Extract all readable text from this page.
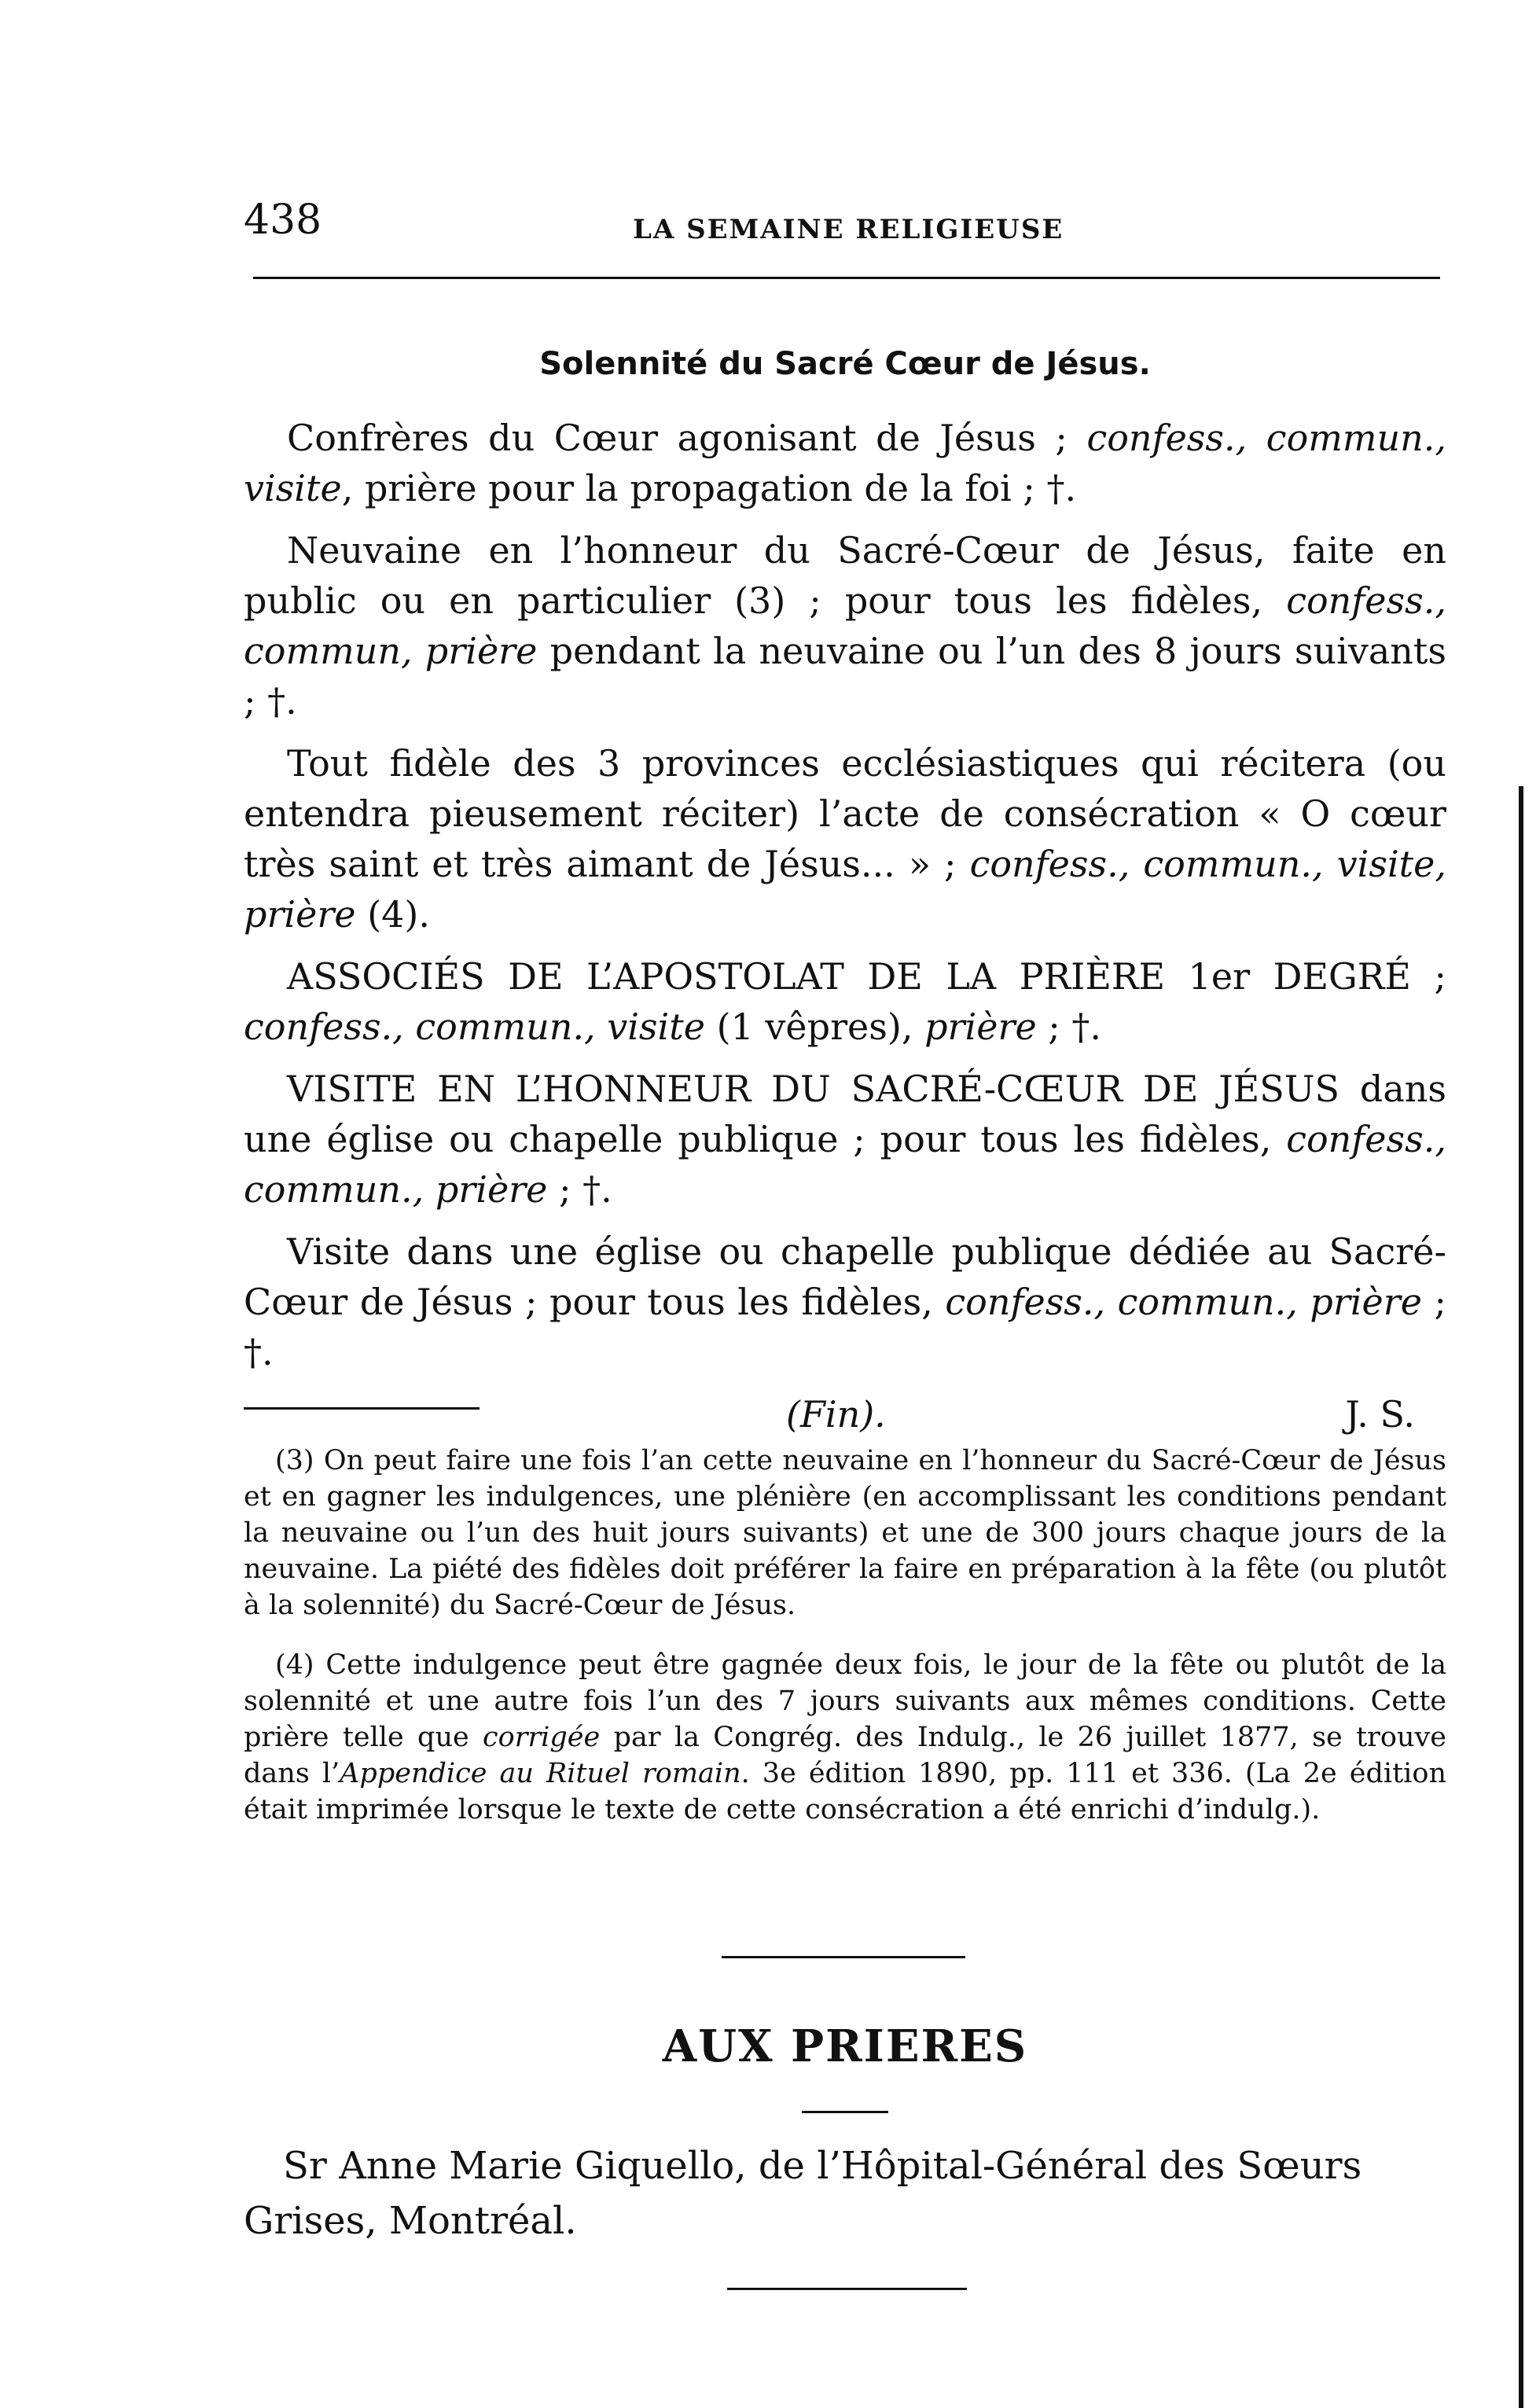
438	LA SEMAINE RELIGIEUSE
Solennité du Sacré Cœur de Jésus.

Confrères du Cœur agonisant de Jésus ; confess., commun., visite, prière pour la propagation de la foi ; †.

Neuvaine en l’honneur du Sacré-Cœur de Jésus, faite en public ou en particulier (3) ; pour tous les fidèles, confess., commun, prière pendant la neuvaine ou l’un des 8 jours suivants ; †.

Tout fidèle des 3 provinces ecclésiastiques qui récitera (ou entendra pieusement réciter) l’acte de consécration « O cœur très saint et très aimant de Jésus... » ; confess., commun., visite, prière (4).

ASSOCIÉS DE L’APOSTOLAT DE LA PRIÈRE 1er DEGRÉ ; confess., commun., visite (1 vêpres), prière ; †.

VISITE EN L’HONNEUR DU SACRÉ-CŒUR DE JÉSUS dans une église ou chapelle publique ; pour tous les fidèles, confess., commun., prière ; †.

Visite dans une église ou chapelle publique dédiée au Sacré-Cœur de Jésus ; pour tous les fidèles, confess., commun., prière ; †.

(Fin).	J. S.

(3) On peut faire une fois l’an cette neuvaine en l’honneur du Sacré-Cœur de Jésus et en gagner les indulgences, une plénière (en accomplissant les conditions pendant la neuvaine ou l’un des huit jours suivants) et une de 300 jours chaque jours de la neuvaine. La piété des fidèles doit préférer la faire en préparation à la fête (ou plutôt à la solennité) du Sacré-Cœur de Jésus.

(4) Cette indulgence peut être gagnée deux fois, le jour de la fête ou plutôt de la solennité et une autre fois l’un des 7 jours suivants aux mêmes conditions. Cette prière telle que corrigée par la Congrég. des Indulg., le 26 juillet 1877, se trouve dans l’Appendice au Rituel romain. 3e édition 1890, pp. 111 et 336. (La 2e édition était imprimée lorsque le texte de cette consécration a été enrichi d’indulg.).

AUX PRIERES
Sr Anne Marie Giquello, de l’Hôpital-Général des Sœurs Grises, Montréal.
